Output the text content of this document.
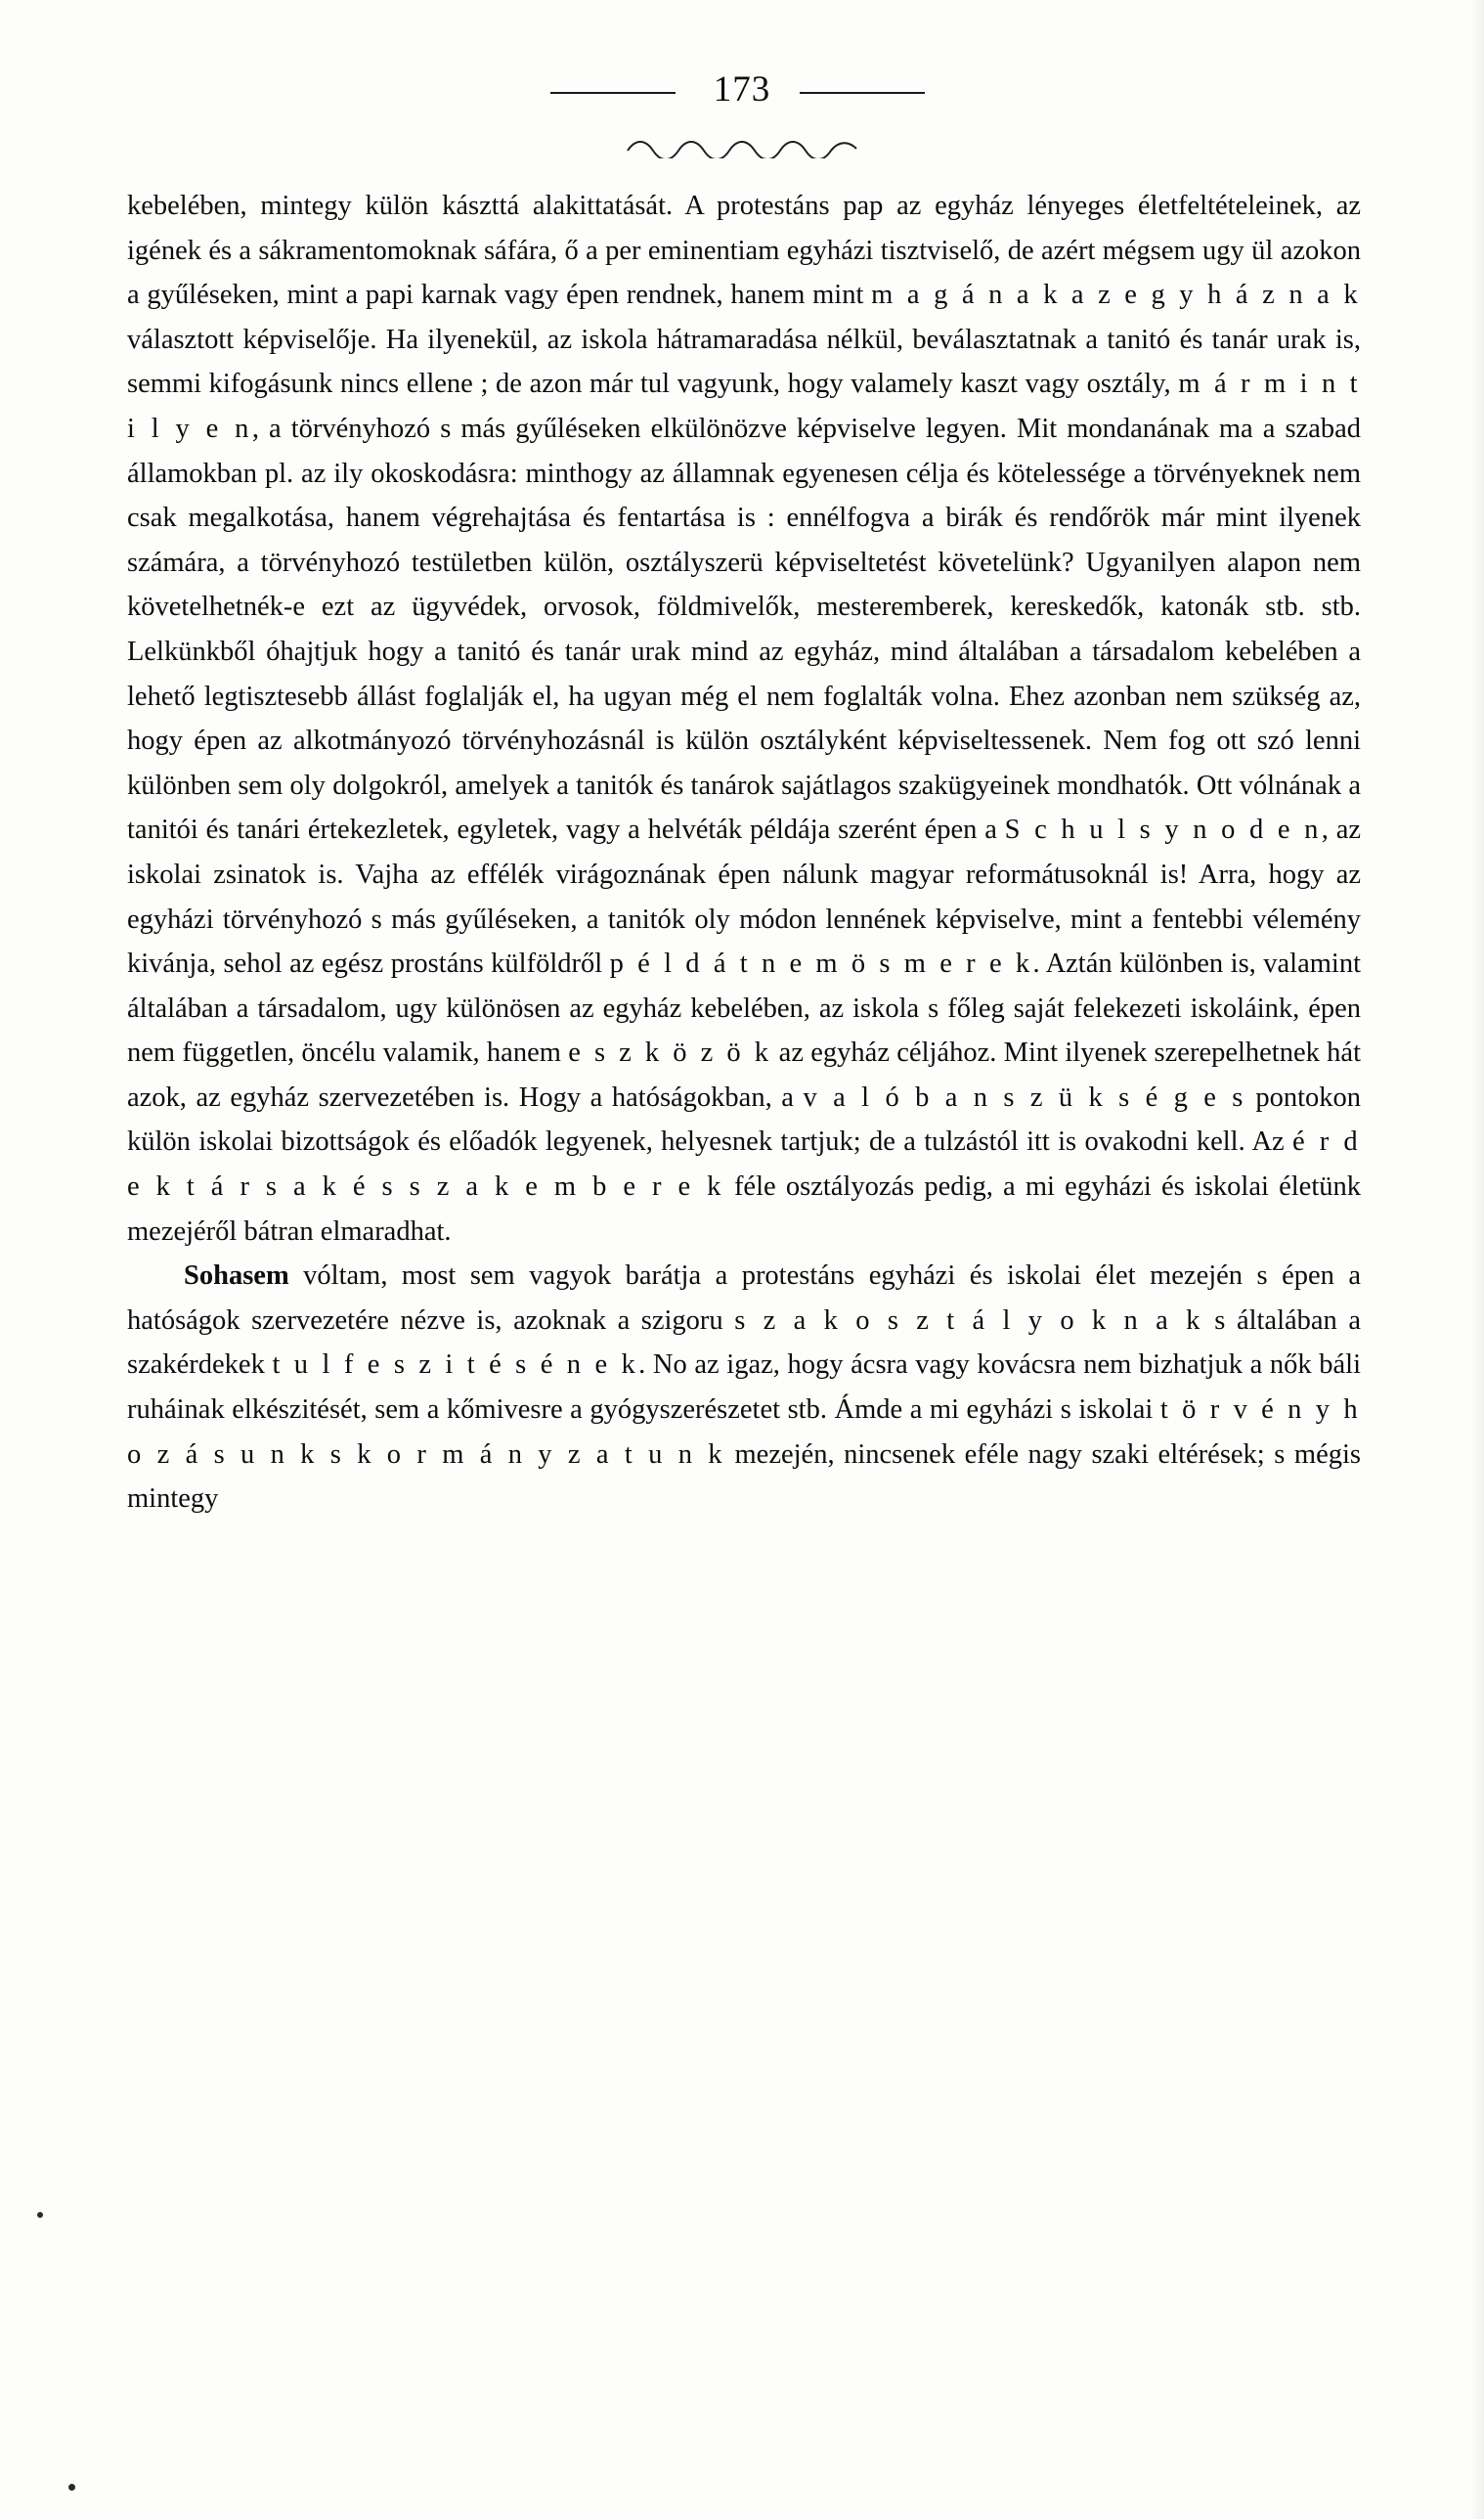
173

kebelében, mintegy külön kászttá alakittatását. A protestáns pap az egyház lényeges életfeltételeinek, az igének és a sákramentomoknak sáfára, ő a per eminentiam egyházi tisztviselő, de azért mégsem ugy ül azokon a gyűléseken, mint a papi karnak vagy épen rendnek, hanem mint m a g á n a k a z e g y h á z n a k választott képviselője. Ha ilyenekül, az iskola hátramaradása nélkül, beválasztatnak a tanitó és tanár urak is, semmi kifogásunk nincs ellene ; de azon már tul vagyunk, hogy valamely kaszt vagy osztály, m á r m i n t i l y e n, a törvényhozó s más gyűléseken elkülönözve képviselve legyen. Mit mondanának ma a szabad államokban pl. az ily okoskodásra: minthogy az államnak egyenesen célja és kötelessége a törvényeknek nem csak megalkotása, hanem végrehajtása és fentartása is : ennélfogva a birák és rendőrök már mint ilyenek számára, a törvényhozó testületben külön, osztályszerü képviseltetést követelünk? Ugyanilyen alapon nem követelhetnék-e ezt az ügyvédek, orvosok, földmivelők, mesteremberek, kereskedők, katonák stb. stb. Lelkünkből óhajtjuk hogy a tanitó és tanár urak mind az egyház, mind általában a társadalom kebelében a lehető legtisztesebb állást foglalják el, ha ugyan még el nem foglalták volna. Ehez azonban nem szükség az, hogy épen az alkotmányozó törvényhozásnál is külön osztályként képviseltessenek. Nem fog ott szó lenni különben sem oly dolgokról, amelyek a tanitók és tanárok sajátlagos szakügyeinek mondhatók. Ott vólnának a tanitói és tanári értekezletek, egyletek, vagy a helvéták példája szerént épen a S c h u l s y n o d e n, az iskolai zsinatok is. Vajha az effélék virágoznának épen nálunk magyar reformátusoknál is! Arra, hogy az egyházi törvényhozó s más gyűléseken, a tanitók oly módon lennének képviselve, mint a fentebbi vélemény kivánja, sehol az egész prostáns külföldről p é l d á t n e m ö s m e r e k. Aztán különben is, valamint általában a társadalom, ugy különösen az egyház kebelében, az iskola s főleg saját felekezeti iskoláink, épen nem független, öncélu valamik, hanem e s z k ö z ö k az egyház céljához. Mint ilyenek szerepelhetnek hát azok, az egyház szervezetében is. Hogy a hatóságokban, a v a l ó b a n s z ü k s é g e s pontokon külön iskolai bizottságok és előadók legyenek, helyesnek tartjuk; de a tulzástól itt is ovakodni kell. Az é r d e k t á r s a k é s s z a k e m b e r e k féle osztályozás pedig, a mi egyházi és iskolai életünk mezejéről bátran elmaradhat.

Sohasem vóltam, most sem vagyok barátja a protestáns egyházi és iskolai élet mezején s épen a hatóságok szervezetére nézve is, azoknak a szigoru s z a k o s z t á l y o k n a k s általában a szakérdekek t u l f e s z i t é s é n e k. No az igaz, hogy ácsra vagy kovácsra nem bizhatjuk a nők báli ruháinak elkészitését, sem a kőmivesre a gyógyszerészetet stb. Ámde a mi egyházi s iskolai t ö r v é n y h o z á s u n k s k o r m á n y z a t u n k mezején, nincsenek eféle nagy szaki eltérések; s mégis mintegy
